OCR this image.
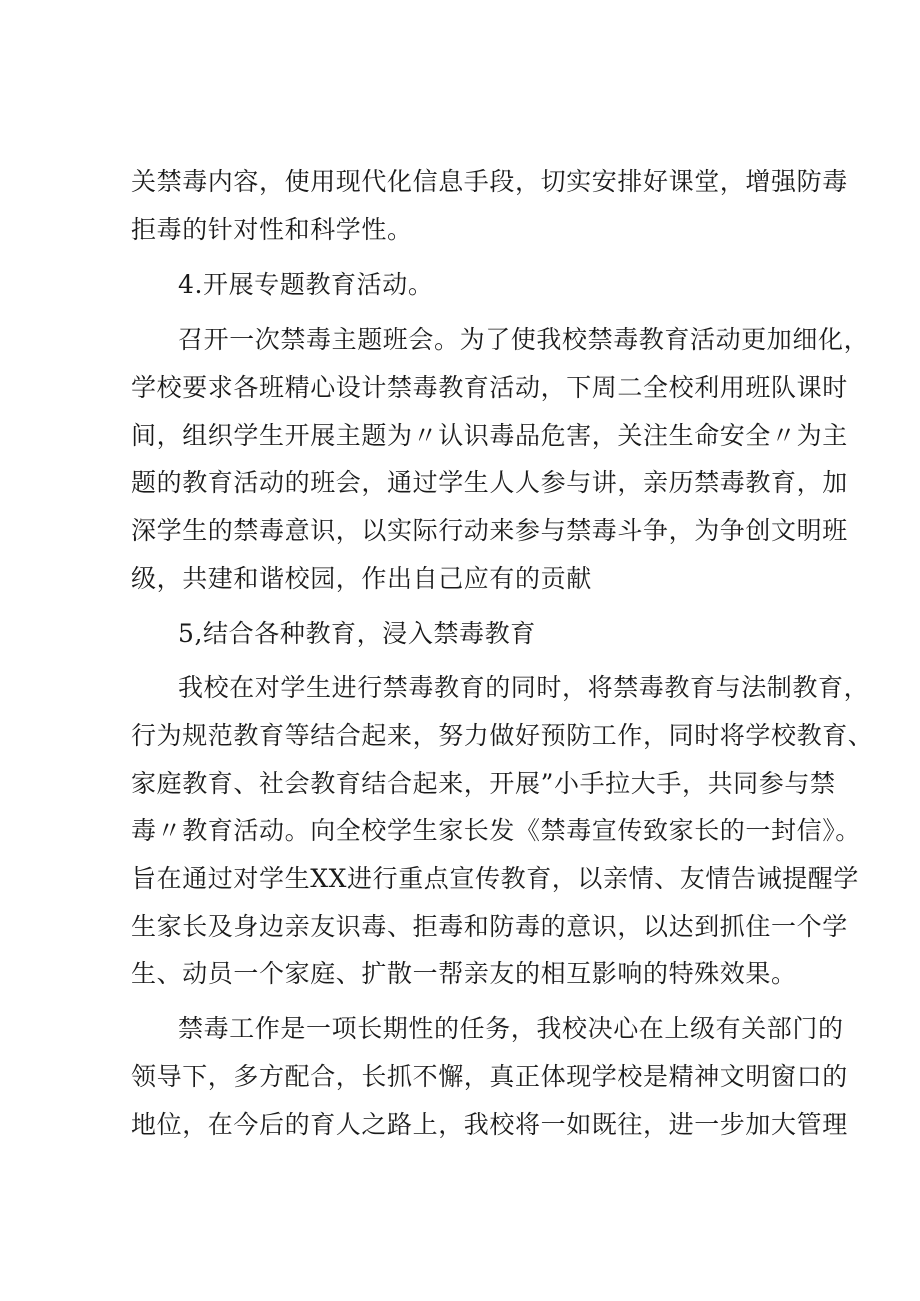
关禁毒内容，使用现代化信息手段，切实安排好课堂，增强防毒
拒毒的针对性和科学性。
4.开展专题教育活动。
召开一次禁毒主题班会。为了使我校禁毒教育活动更加细化，
学校要求各班精心设计禁毒教育活动，下周二全校利用班队课时
间，组织学生开展主题为〃认识毒品危害，关注生命安全〃为主
题的教育活动的班会，通过学生人人参与讲，亲历禁毒教育，加
深学生的禁毒意识，以实际行动来参与禁毒斗争，为争创文明班
级，共建和谐校园，作出自己应有的贡献
5,结合各种教育，浸入禁毒教育
我校在对学生进行禁毒教育的同时，将禁毒教育与法制教育，
行为规范教育等结合起来，努力做好预防工作，同时将学校教育、
家庭教育、社会教育结合起来，开展”小手拉大手，共同参与禁
毒〃教育活动。向全校学生家长发《禁毒宣传致家长的一封信》。
旨在通过对学生XX进行重点宣传教育，以亲情、友情告诫提醒学
生家长及身边亲友识毒、拒毒和防毒的意识，以达到抓住一个学
生、动员一个家庭、扩散一帮亲友的相互影响的特殊效果。
禁毒工作是一项长期性的任务，我校决心在上级有关部门的
领导下，多方配合，长抓不懈，真正体现学校是精神文明窗口的
地位，在今后的育人之路上，我校将一如既往，进一步加大管理
